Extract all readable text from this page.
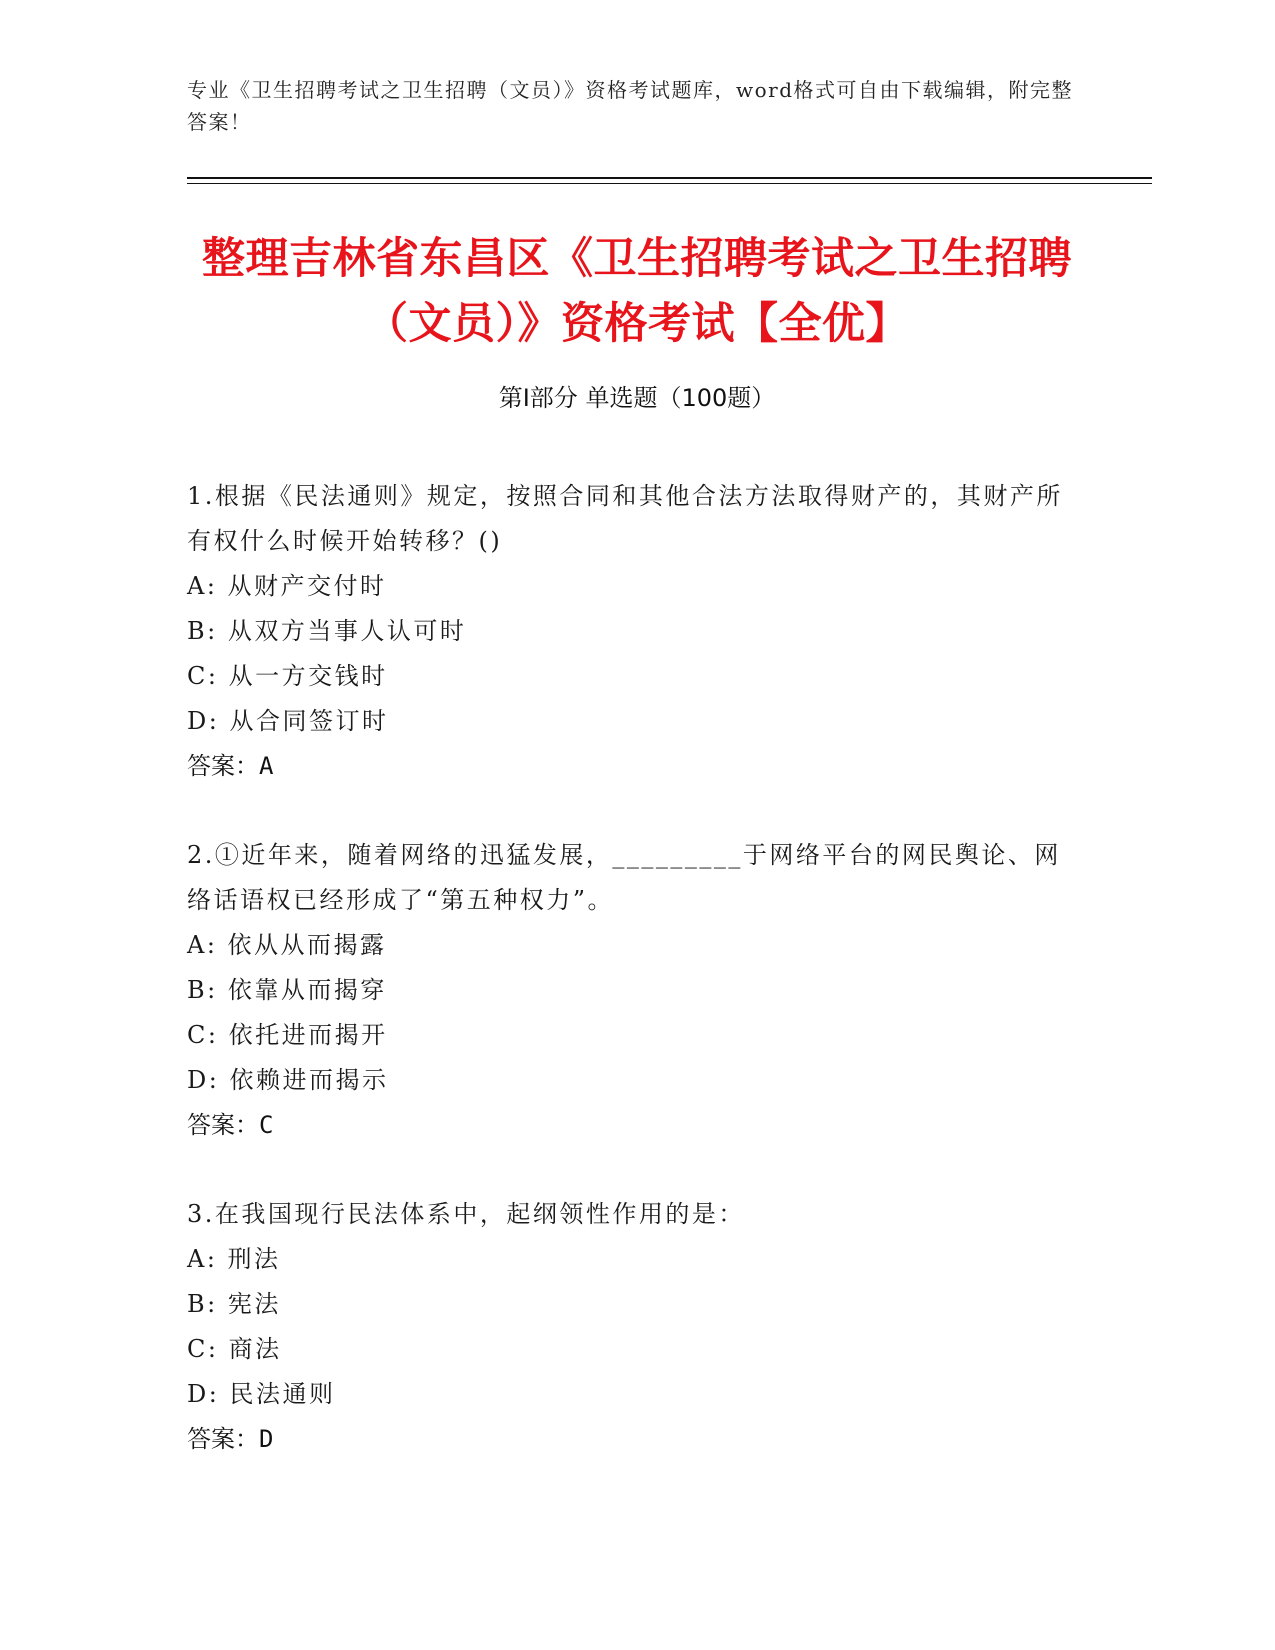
专业《卫生招聘考试之卫生招聘（文员）》资格考试题库，word格式可自由下载编辑，附完整答案！
整理吉林省东昌区《卫生招聘考试之卫生招聘（文员）》资格考试【全优】
第Ⅰ部分 单选题（100题）

1.根据《民法通则》规定，按照合同和其他合法方法取得财产的，其财产所有权什么时候开始转移？()

A: 从财产交付时
B: 从双方当事人认可时
C: 从一方交钱时
D: 从合同签订时
答案：A

2.①近年来，随着网络的迅猛发展，_________于网络平台的网民舆论、网络话语权已经形成了“第五种权力”。

A: 依从从而揭露
B: 依靠从而揭穿
C: 依托进而揭开
D: 依赖进而揭示
答案：C

3.在我国现行民法体系中，起纲领性作用的是：

A: 刑法
B: 宪法
C: 商法
D: 民法通则
答案：D
